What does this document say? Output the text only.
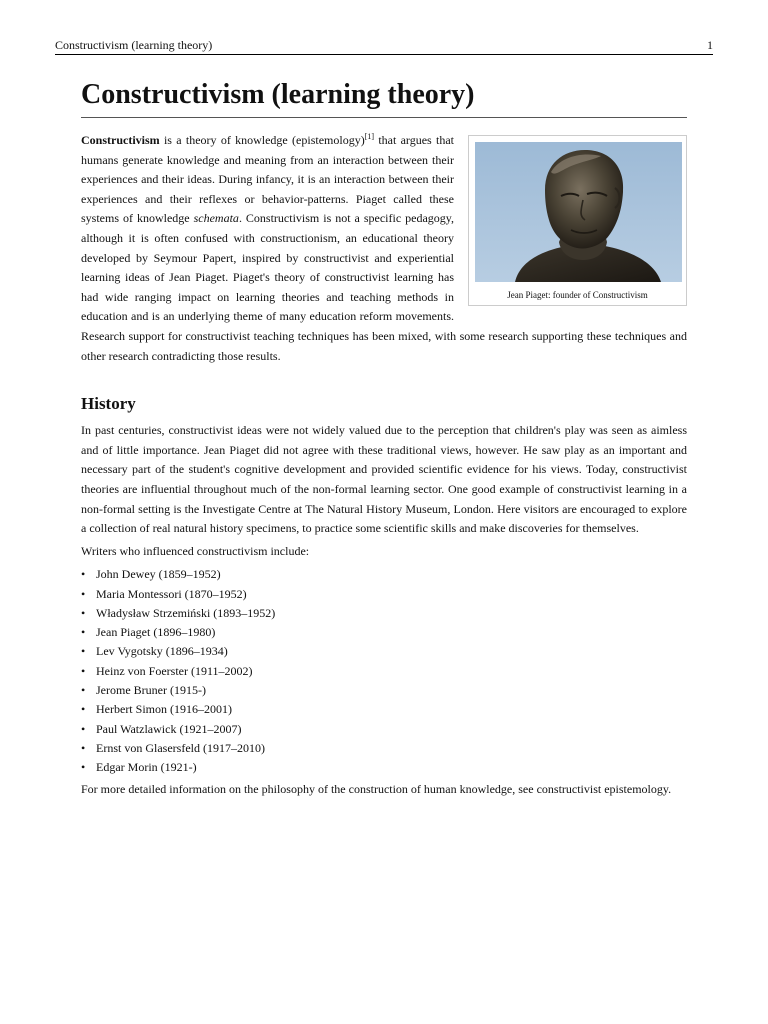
Constructivism (learning theory)	1
Constructivism (learning theory)
Jean Piaget: founder of Constructivism

Constructivism is a theory of knowledge (epistemology)[1] that argues that humans generate knowledge and meaning from an interaction between their experiences and their ideas. During infancy, it is an interaction between their experiences and their reflexes or behavior-patterns. Piaget called these systems of knowledge schemata. Constructivism is not a specific pedagogy, although it is often confused with constructionism, an educational theory developed by Seymour Papert, inspired by constructivist and experiential learning ideas of Jean Piaget. Piaget's theory of constructivist learning has had wide ranging impact on learning theories and teaching methods in education and is an underlying theme of many education reform movements. Research support for constructivist teaching techniques has been mixed, with some research supporting these techniques and other research contradicting those results.

History

In past centuries, constructivist ideas were not widely valued due to the perception that children's play was seen as aimless and of little importance. Jean Piaget did not agree with these traditional views, however. He saw play as an important and necessary part of the student's cognitive development and provided scientific evidence for his views. Today, constructivist theories are influential throughout much of the non-formal learning sector. One good example of constructivist learning in a non-formal setting is the Investigate Centre at The Natural History Museum, London. Here visitors are encouraged to explore a collection of real natural history specimens, to practice some scientific skills and make discoveries for themselves.

Writers who influenced constructivism include:

• John Dewey (1859–1952)
• Maria Montessori (1870–1952)
• Władysław Strzemiński (1893–1952)
• Jean Piaget (1896–1980)
• Lev Vygotsky (1896–1934)
• Heinz von Foerster (1911–2002)
• Jerome Bruner (1915-)
• Herbert Simon (1916–2001)
• Paul Watzlawick (1921–2007)
• Ernst von Glasersfeld (1917–2010)
• Edgar Morin (1921-)

For more detailed information on the philosophy of the construction of human knowledge, see constructivist epistemology.
